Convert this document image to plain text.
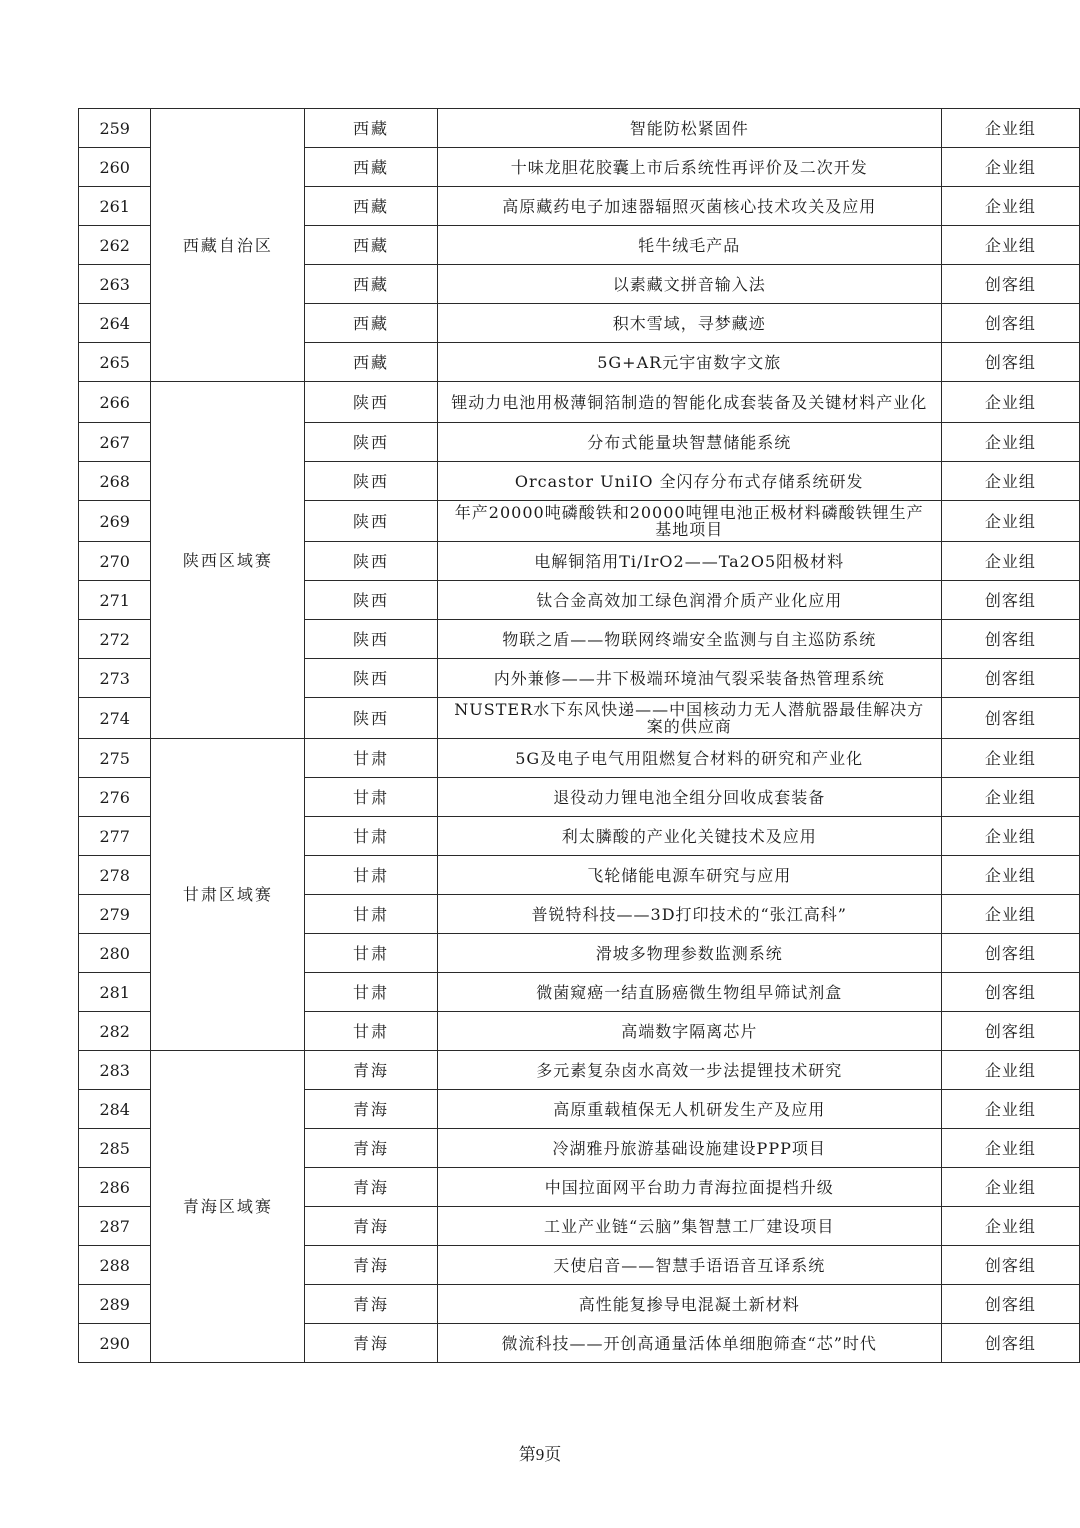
259	西藏自治区	西藏	智能防松紧固件	企业组
260		西藏	十味龙胆花胶囊上市后系统性再评价及二次开发	企业组
261		西藏	高原藏药电子加速器辐照灭菌核心技术攻关及应用	企业组
262		西藏	牦牛绒毛产品	企业组
263		西藏	以素藏文拼音输入法	创客组
264		西藏	积木雪域，寻梦藏迹	创客组
265		西藏	5G+AR元宇宙数字文旅	创客组
266	陕西区域赛	陕西	锂动力电池用极薄铜箔制造的智能化成套装备及关键材料产业化	企业组
267		陕西	分布式能量块智慧储能系统	企业组
268		陕西	Orcastor UniIO 全闪存分布式存储系统研发	企业组
269		陕西	年产20000吨磷酸铁和20000吨锂电池正极材料磷酸铁锂生产基地项目	企业组
270		陕西	电解铜箔用Ti/IrO2——Ta2O5阳极材料	企业组
271		陕西	钛合金高效加工绿色润滑介质产业化应用	创客组
272		陕西	物联之盾——物联网终端安全监测与自主巡防系统	创客组
273		陕西	内外兼修——井下极端环境油气裂采装备热管理系统	创客组
274		陕西	NUSTER水下东风快递——中国核动力无人潜航器最佳解决方案的供应商	创客组
275	甘肃区域赛	甘肃	5G及电子电气用阻燃复合材料的研究和产业化	企业组
276		甘肃	退役动力锂电池全组分回收成套装备	企业组
277		甘肃	利太膦酸的产业化关键技术及应用	企业组
278		甘肃	飞轮储能电源车研究与应用	企业组
279		甘肃	普锐特科技——3D打印技术的“张江高科”	企业组
280		甘肃	滑坡多物理参数监测系统	创客组
281		甘肃	微菌窥癌一结直肠癌微生物组早筛试剂盒	创客组
282		甘肃	高端数字隔离芯片	创客组
283	青海区域赛	青海	多元素复杂卤水高效一步法提锂技术研究	企业组
284		青海	高原重载植保无人机研发生产及应用	企业组
285		青海	冷湖雅丹旅游基础设施建设PPP项目	企业组
286		青海	中国拉面网平台助力青海拉面提档升级	企业组
287		青海	工业产业链“云脑”集智慧工厂建设项目	企业组
288		青海	天使启音——智慧手语语音互译系统	创客组
289		青海	高性能复掺导电混凝土新材料	创客组
290		青海	微流科技——开创高通量活体单细胞筛查“芯”时代	创客组
第9页
